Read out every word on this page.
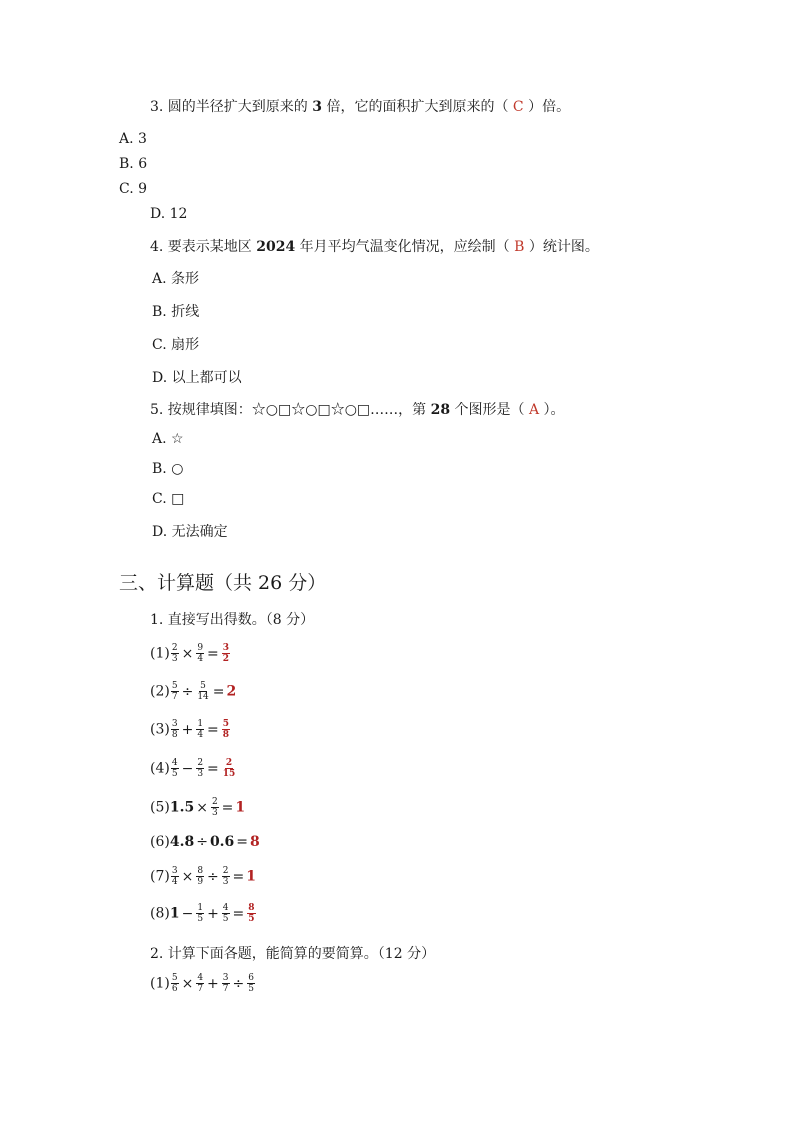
3. 圆的半径扩大到原来的 3 倍，它的面积扩大到原来的（ C ）倍。
A. 3
B. 6
C. 9
D. 12
4. 要表示某地区 2024 年月平均气温变化情况，应绘制（ B ）统计图。
A. 条形
B. 折线
C. 扇形
D. 以上都可以
5. 按规律填图：☆○□☆○□☆○□……，第 28 个图形是（ A ）。
A. ☆
B. ○
C. □
D. 无法确定
三、计算题（共 26 分）
1. 直接写出得数。（8 分）
$(1) \frac{2}{3} \times \frac{9}{4} = \frac{3}{2}$
$(2) \frac{5}{7} \div \frac{5}{14} = 2$
$(3) \frac{3}{8} + \frac{1}{4} = \frac{5}{8}$
$(4) \frac{4}{5} - \frac{2}{3} = \frac{2}{15}$
$(5)1.5 \times \frac{2}{3} = 1$
(6)4.8 ÷ 0.6 = 8
$(7) \frac{3}{4} \times \frac{8}{9} \div \frac{2}{3} = 1$
$(8)1 - \frac{1}{5} + \frac{4}{5} = \frac{8}{5}$
2. 计算下面各题，能简算的要简算。（12 分）
$(1) \frac{5}{6} \times \frac{4}{7} + \frac{3}{7} \div \frac{6}{5}$
